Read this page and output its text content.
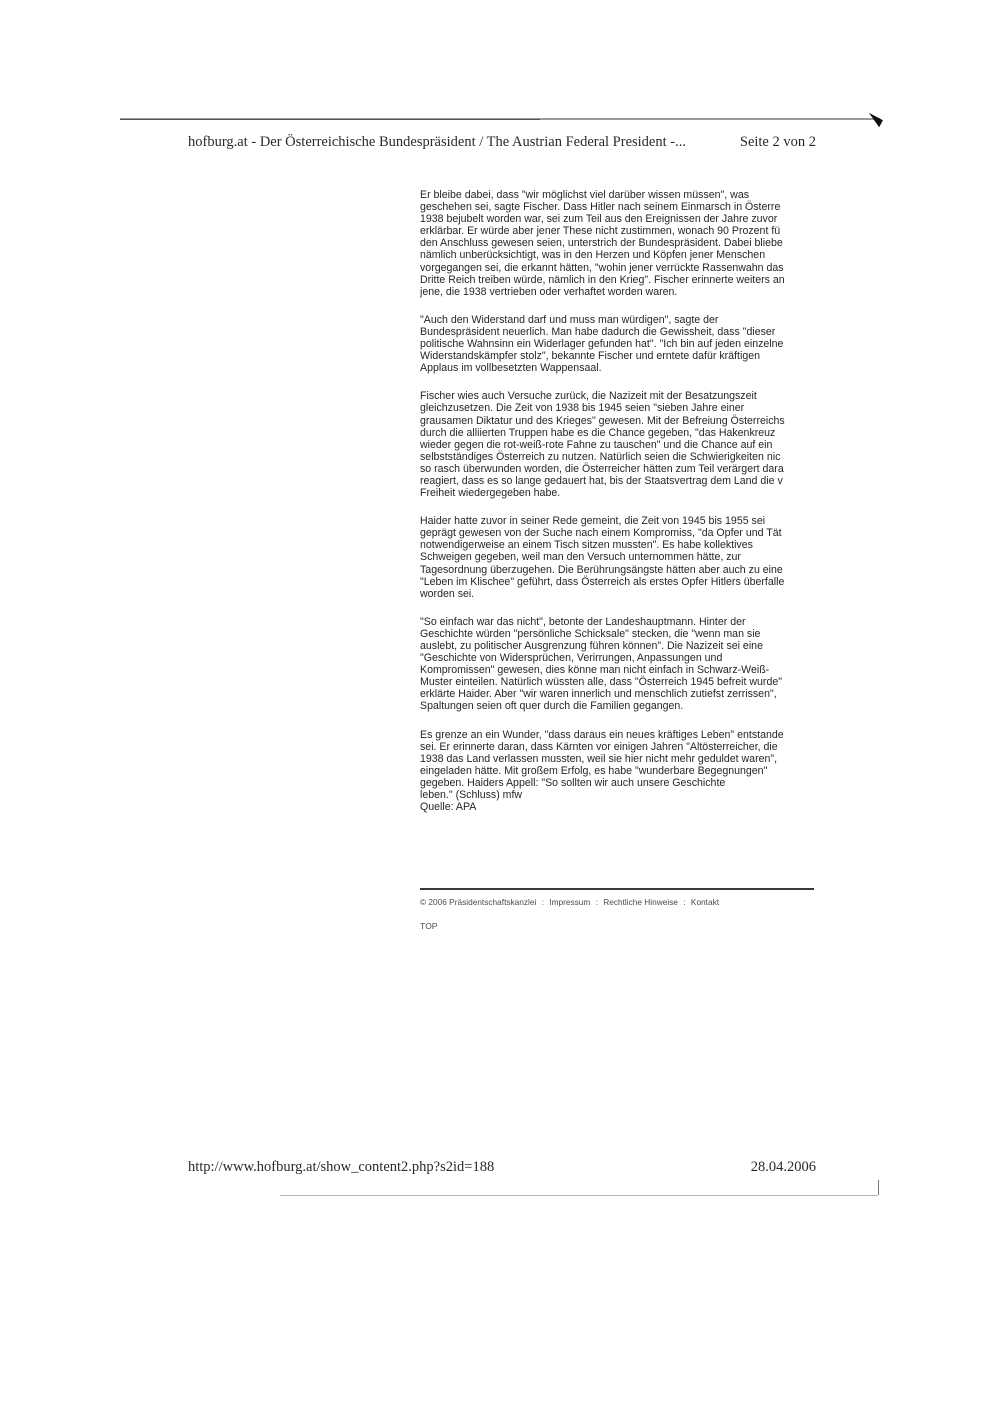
hofburg.at - Der Österreichische Bundespräsident / The Austrian Federal President -...	Seite 2 von 2

Er bleibe dabei, dass "wir möglichst viel darüber wissen müssen", was
geschehen sei, sagte Fischer. Dass Hitler nach seinem Einmarsch in Österre
1938 bejubelt worden war, sei zum Teil aus den Ereignissen der Jahre zuvor
erklärbar. Er würde aber jener These nicht zustimmen, wonach 90 Prozent fü
den Anschluss gewesen seien, unterstrich der Bundespräsident. Dabei bliebe
nämlich unberücksichtigt, was in den Herzen und Köpfen jener Menschen
vorgegangen sei, die erkannt hätten, "wohin jener verrückte Rassenwahn das
Dritte Reich treiben würde, nämlich in den Krieg". Fischer erinnerte weiters an
jene, die 1938 vertrieben oder verhaftet worden waren.

"Auch den Widerstand darf und muss man würdigen", sagte der
Bundespräsident neuerlich. Man habe dadurch die Gewissheit, dass "dieser
politische Wahnsinn ein Widerlager gefunden hat". "Ich bin auf jeden einzelne
Widerstandskämpfer stolz", bekannte Fischer und erntete dafür kräftigen
Applaus im vollbesetzten Wappensaal.

Fischer wies auch Versuche zurück, die Nazizeit mit der Besatzungszeit
gleichzusetzen. Die Zeit von 1938 bis 1945 seien "sieben Jahre einer
grausamen Diktatur und des Krieges" gewesen. Mit der Befreiung Österreichs
durch die alliierten Truppen habe es die Chance gegeben, "das Hakenkreuz
wieder gegen die rot-weiß-rote Fahne zu tauschen" und die Chance auf ein
selbstständiges Österreich zu nutzen. Natürlich seien die Schwierigkeiten nic
so rasch überwunden worden, die Österreicher hätten zum Teil verärgert dara
reagiert, dass es so lange gedauert hat, bis der Staatsvertrag dem Land die v
Freiheit wiedergegeben habe.

Haider hatte zuvor in seiner Rede gemeint, die Zeit von 1945 bis 1955 sei
geprägt gewesen von der Suche nach einem Kompromiss, "da Opfer und Tät
notwendigerweise an einem Tisch sitzen mussten". Es habe kollektives
Schweigen gegeben, weil man den Versuch unternommen hätte, zur
Tagesordnung überzugehen. Die Berührungsängste hätten aber auch zu eine
"Leben im Klischee" geführt, dass Österreich als erstes Opfer Hitlers überfalle
worden sei.

"So einfach war das nicht", betonte der Landeshauptmann. Hinter der
Geschichte würden "persönliche Schicksale" stecken, die "wenn man sie
auslebt, zu politischer Ausgrenzung führen können". Die Nazizeit sei eine
"Geschichte von Widersprüchen, Verirrungen, Anpassungen und
Kompromissen" gewesen, dies könne man nicht einfach in Schwarz-Weiß-
Muster einteilen. Natürlich wüssten alle, dass "Österreich 1945 befreit wurde"
erklärte Haider. Aber "wir waren innerlich und menschlich zutiefst zerrissen",
Spaltungen seien oft quer durch die Familien gegangen.

Es grenze an ein Wunder, "dass daraus ein neues kräftiges Leben" entstande
sei. Er erinnerte daran, dass Kärnten vor einigen Jahren "Altösterreicher, die
1938 das Land verlassen mussten, weil sie hier nicht mehr geduldet waren",
eingeladen hätte. Mit großem Erfolg, es habe "wunderbare Begegnungen"
gegeben. Haiders Appell: "So sollten wir auch unsere Geschichte
leben." (Schluss) mfw
Quelle: APA

© 2006 Präsidentschaftskanzlei : Impressum : Rechtliche Hinweise : Kontakt
TOP
http://www.hofburg.at/show_content2.php?s2id=188	28.04.2006
